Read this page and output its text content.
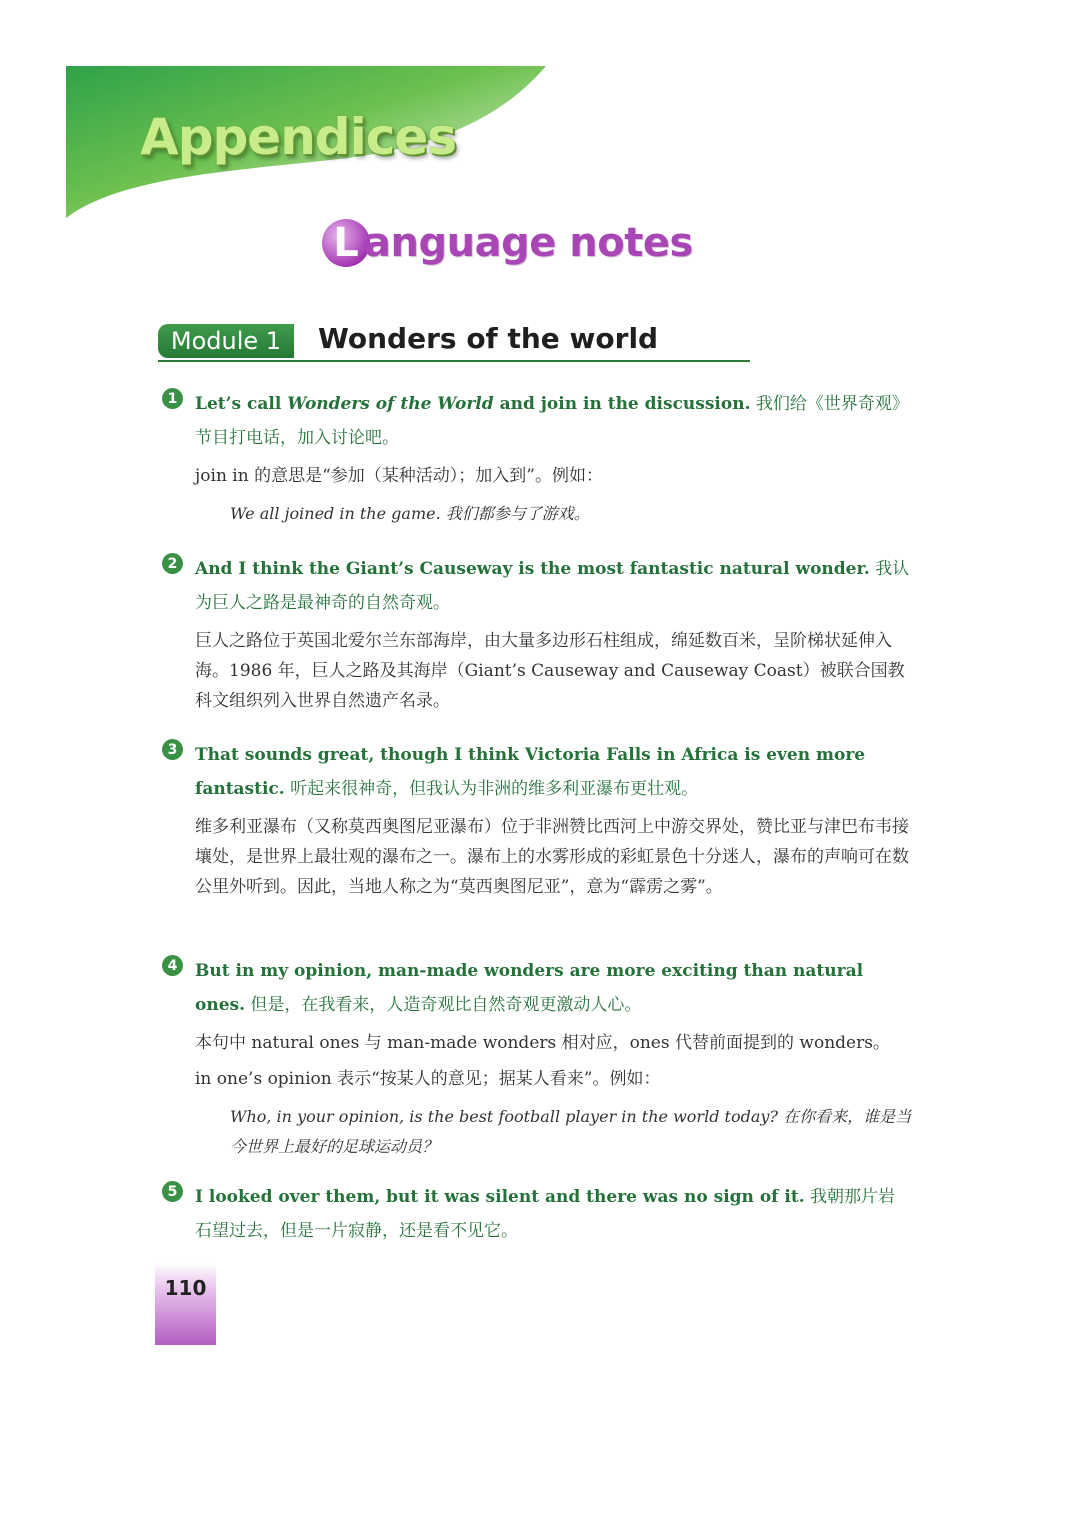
Appendices
L anguage notes
Module 1	Wonders of the world
1	Let’s call Wonders of the World and join in the discussion. 我们给《世界奇观》节目打电话，加入讨论吧。
join in 的意思是“参加（某种活动）；加入到”。例如：
We all joined in the game. 我们都参与了游戏。
2	And I think the Giant’s Causeway is the most fantastic natural wonder. 我认为巨人之路是最神奇的自然奇观。
巨人之路位于英国北爱尔兰东部海岸，由大量多边形石柱组成，绵延数百米，呈阶梯状延伸入海。1986 年，巨人之路及其海岸（Giant’s Causeway and Causeway Coast）被联合国教科文组织列入世界自然遗产名录。
3	That sounds great, though I think Victoria Falls in Africa is even more fantastic. 听起来很神奇，但我认为非洲的维多利亚瀑布更壮观。
维多利亚瀑布（又称莫西奥图尼亚瀑布）位于非洲赞比西河上中游交界处，赞比亚与津巴布韦接壤处，是世界上最壮观的瀑布之一。瀑布上的水雾形成的彩虹景色十分迷人，瀑布的声响可在数公里外听到。因此，当地人称之为“莫西奥图尼亚”，意为“霹雳之雾”。
4	But in my opinion, man-made wonders are more exciting than natural ones. 但是，在我看来，人造奇观比自然奇观更激动人心。
本句中 natural ones 与 man-made wonders 相对应，ones 代替前面提到的 wonders。
in one’s opinion 表示“按某人的意见；据某人看来”。例如：
Who, in your opinion, is the best football player in the world today? 在你看来，谁是当今世界上最好的足球运动员？
5	I looked over them, but it was silent and there was no sign of it. 我朝那片岩石望过去，但是一片寂静，还是看不见它。
110
